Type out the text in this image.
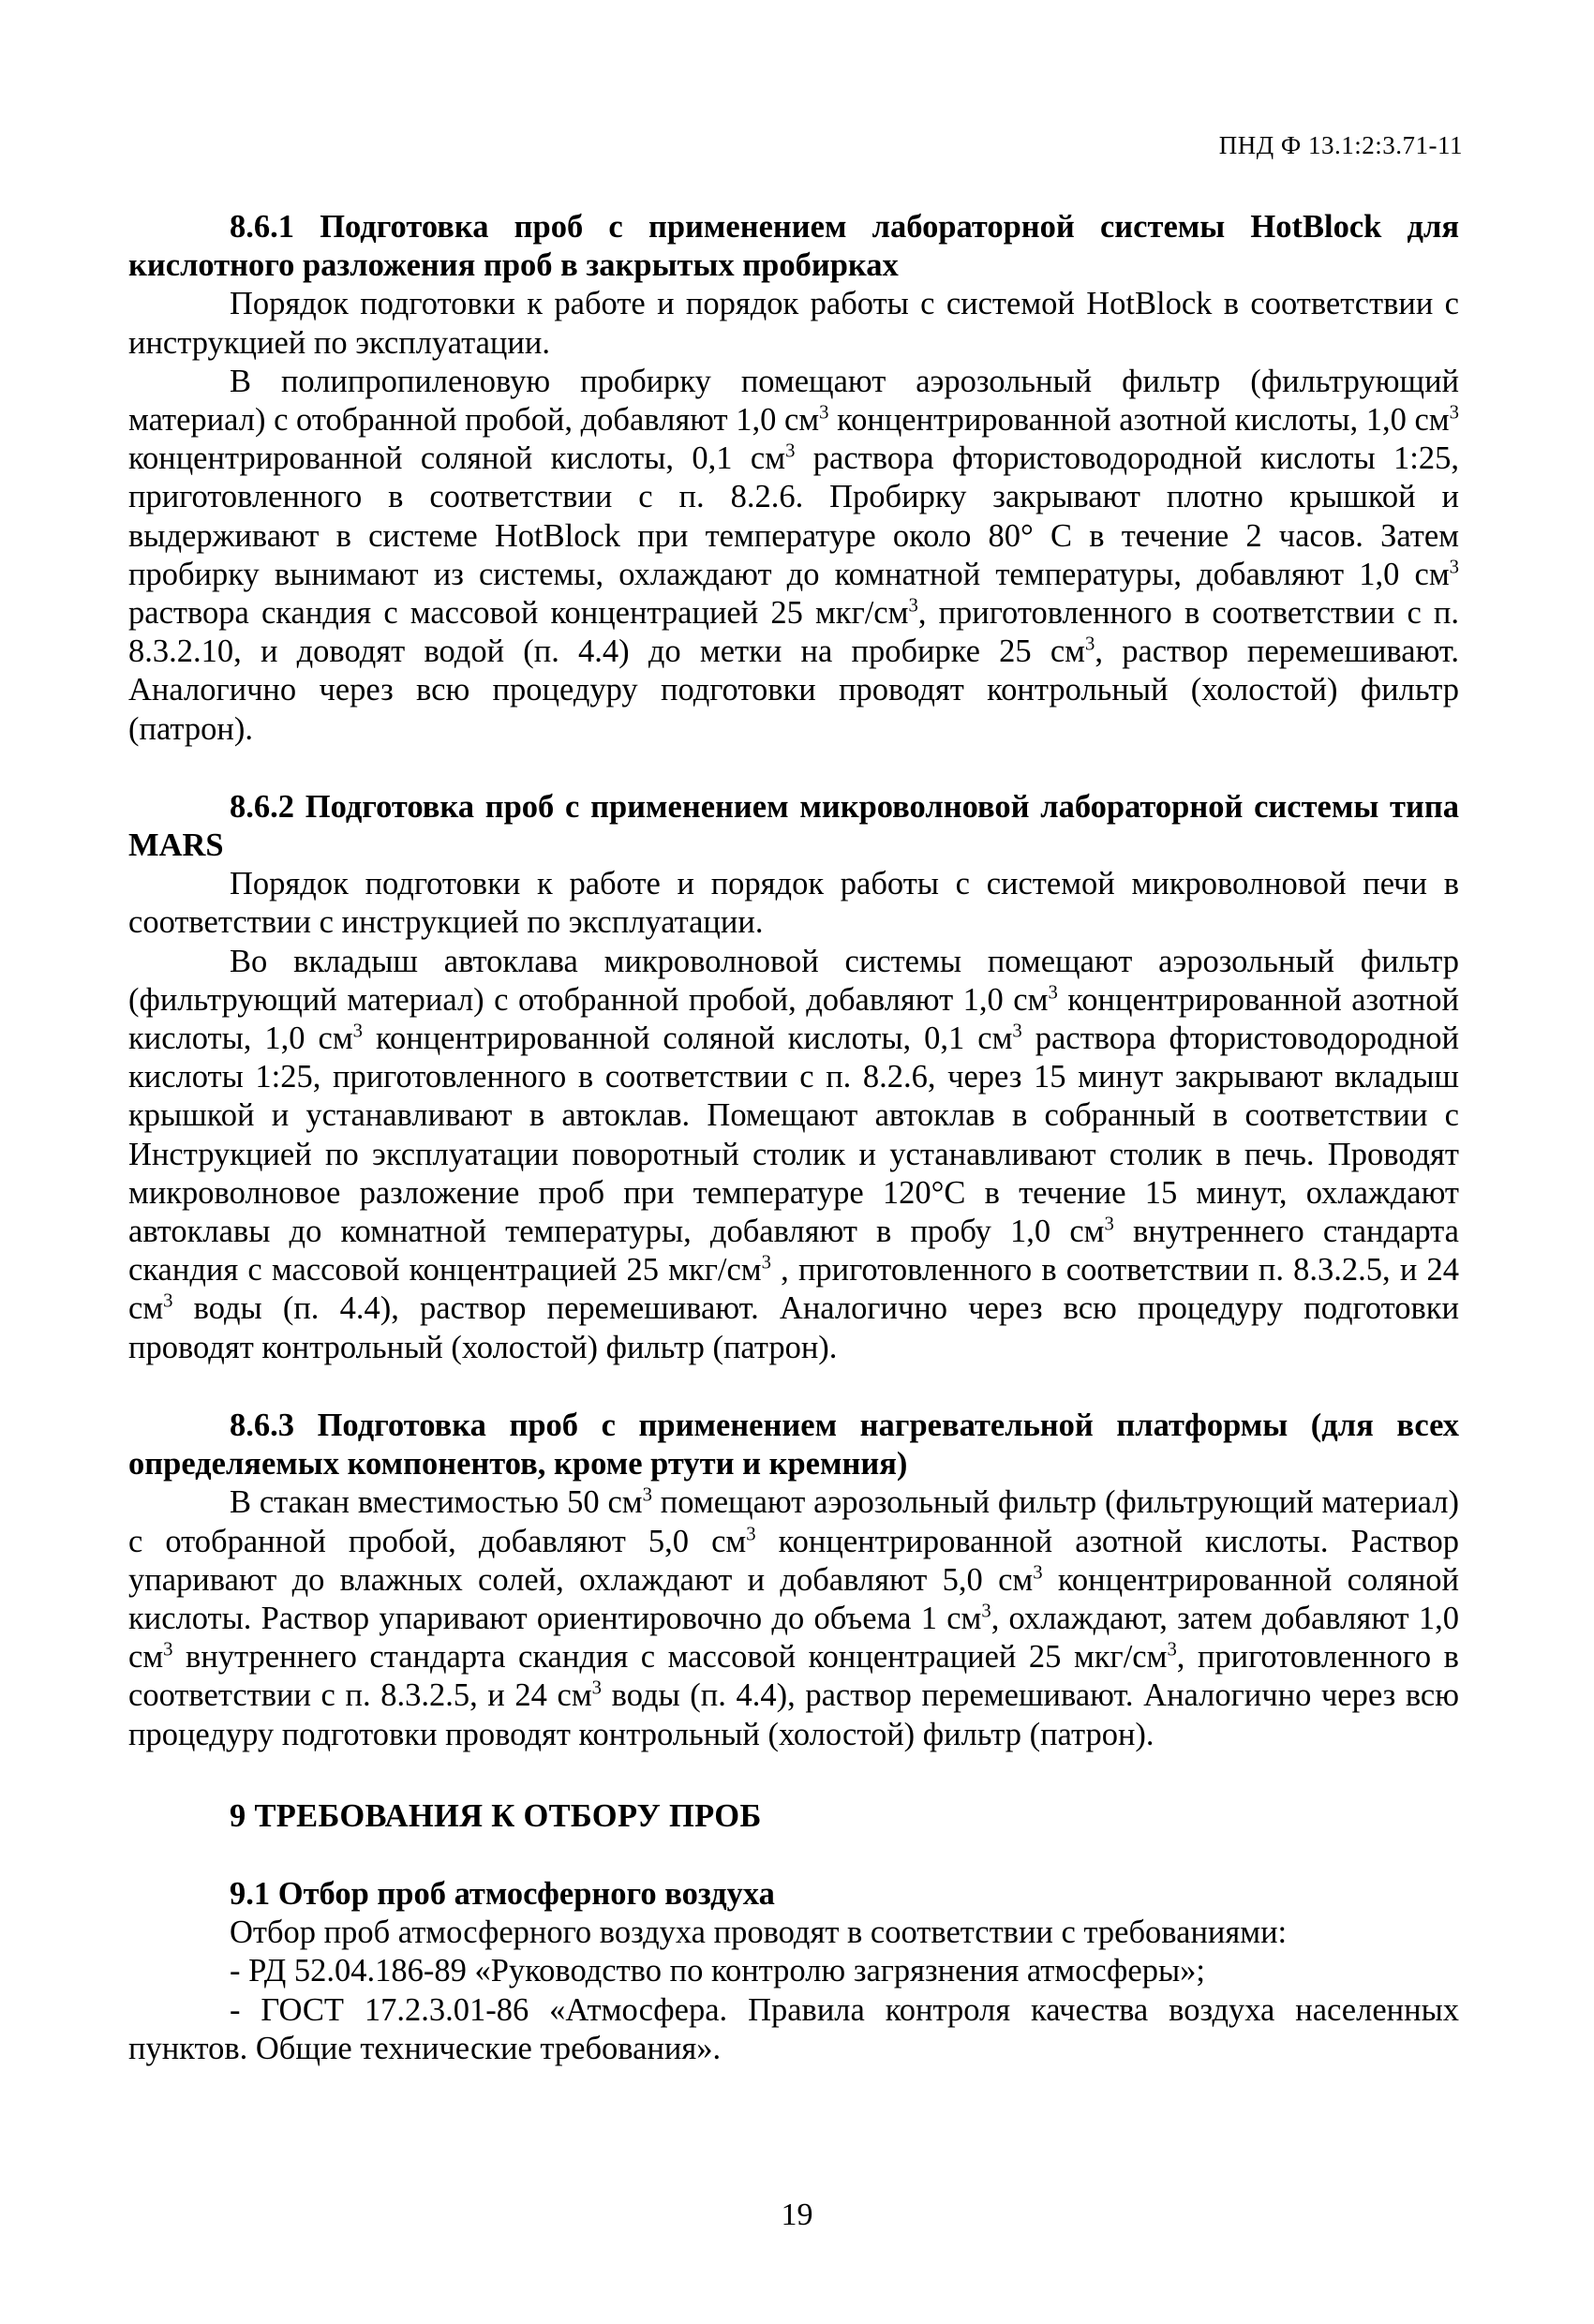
ПНД Ф 13.1:2:3.71-11

8.6.1 Подготовка проб с применением лабораторной системы HotBlock для кислотного разложения проб в закрытых пробирках

Порядок подготовки к работе и порядок работы с системой HotBlock в соответствии с инструкцией по эксплуатации.

В полипропиленовую пробирку помещают аэрозольный фильтр (фильтрующий материал) с отобранной пробой, добавляют 1,0 $см^3$ концентрированной азотной кислоты, 1,0 $см^3$ концентрированной соляной кислоты, 0,1 $см^3$ раствора фтористоводородной кислоты 1:25, приготовленного в соответствии с п. 8.2.6. Пробирку закрывают плотно крышкой и выдерживают в системе HotBlock при температуре около 80° С в течение 2 часов. Затем пробирку вынимают из системы, охлаждают до комнатной температуры, добавляют 1,0 $см^3$ раствора скандия с массовой концентрацией 25 мкг/$см^3$, приготовленного в соответствии с п. 8.3.2.10, и доводят водой (п. 4.4) до метки на пробирке 25 $см^3$, раствор перемешивают. Аналогично через всю процедуру подготовки проводят контрольный (холостой) фильтр (патрон).

8.6.2 Подготовка проб с применением микроволновой лабораторной системы типа MARS

Порядок подготовки к работе и порядок работы с системой микроволновой печи в соответствии с инструкцией по эксплуатации.

Во вкладыш автоклава микроволновой системы помещают аэрозольный фильтр (фильтрующий материал) с отобранной пробой, добавляют 1,0 $см^3$ концентрированной азотной кислоты, 1,0 $см^3$ концентрированной соляной кислоты, 0,1 $см^3$ раствора фтористоводородной кислоты 1:25, приготовленного в соответствии с п. 8.2.6, через 15 минут закрывают вкладыш крышкой и устанавливают в автоклав. Помещают автоклав в собранный в соответствии с Инструкцией по эксплуатации поворотный столик и устанавливают столик в печь. Проводят микроволновое разложение проб при температуре 120°С в течение 15 минут, охлаждают автоклавы до комнатной температуры, добавляют в пробу 1,0 $см^3$ внутреннего стандарта скандия с массовой концентрацией 25 мкг/$см^3$ , приготовленного в соответствии п. 8.3.2.5, и 24 $см^3$ воды (п. 4.4), раствор перемешивают. Аналогично через всю процедуру подготовки проводят контрольный (холостой) фильтр (патрон).

8.6.3 Подготовка проб с применением нагревательной платформы (для всех определяемых компонентов, кроме ртути и кремния)

В стакан вместимостью 50 $см^3$ помещают аэрозольный фильтр (фильтрующий материал) с отобранной пробой, добавляют 5,0 $см^3$ концентрированной азотной кислоты. Раствор упаривают до влажных солей, охлаждают и добавляют 5,0 $см^3$ концентрированной соляной кислоты. Раствор упаривают ориентировочно до объема 1 $см^3$, охлаждают, затем добавляют 1,0 $см^3$ внутреннего стандарта скандия с массовой концентрацией 25 мкг/$см^3$, приготовленного в соответствии с п. 8.3.2.5, и 24 $см^3$ воды (п. 4.4), раствор перемешивают. Аналогично через всю процедуру подготовки проводят контрольный (холостой) фильтр (патрон).

9 ТРЕБОВАНИЯ К ОТБОРУ ПРОБ

9.1 Отбор проб атмосферного воздуха

Отбор проб атмосферного воздуха проводят в соответствии с требованиями:

- РД 52.04.186-89 «Руководство по контролю загрязнения атмосферы»;

- ГОСТ 17.2.3.01-86 «Атмосфера. Правила контроля качества воздуха населенных пунктов. Общие технические требования».

19
